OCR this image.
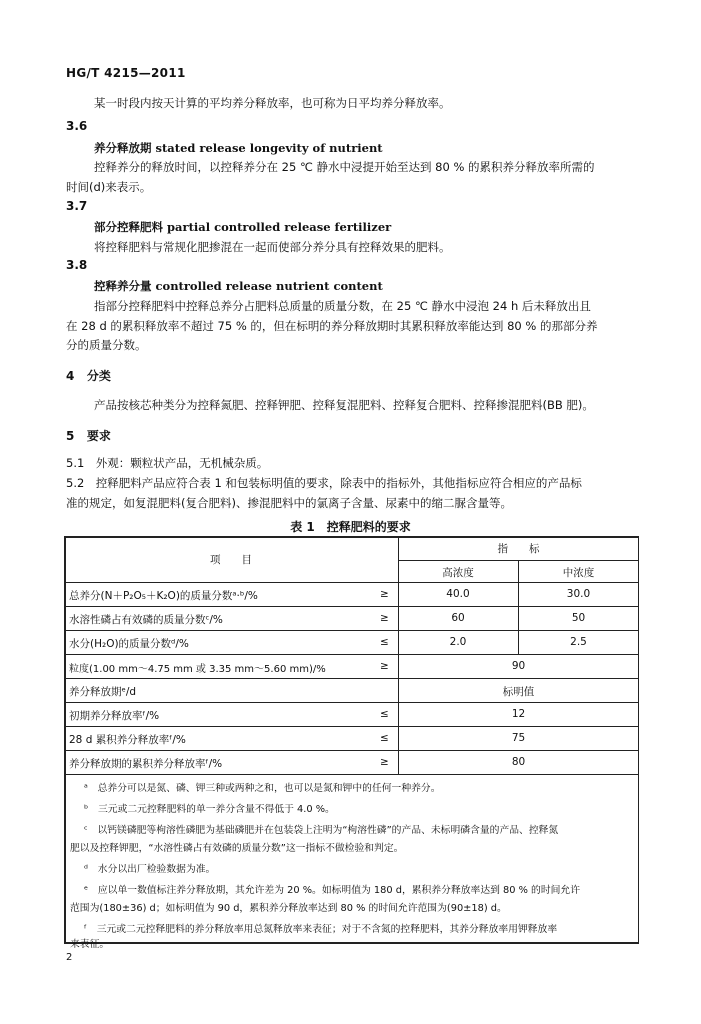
HG/T 4215—2011
某一时段内按天计算的平均养分释放率，也可称为日平均养分释放率。
3.6
养分释放期 stated release longevity of nutrient
控释养分的释放时间，以控释养分在 25 ℃ 静水中浸提开始至达到 80 % 的累积养分释放率所需的
时间(d)来表示。
3.7
部分控释肥料 partial controlled release fertilizer
将控释肥料与常规化肥掺混在一起而使部分养分具有控释效果的肥料。
3.8
控释养分量 controlled release nutrient content
指部分控释肥料中控释总养分占肥料总质量的质量分数，在 25 ℃ 静水中浸泡 24 h 后未释放出且
在 28 d 的累积释放率不超过 75 % 的，但在标明的养分释放期时其累积释放率能达到 80 % 的那部分养
分的质量分数。
4 分类
产品按核芯种类分为控释氮肥、控释钾肥、控释复混肥料、控释复合肥料、控释掺混肥料(BB 肥)。
5 要求
5.1　外观：颗粒状产品，无机械杂质。
5.2　控释肥料产品应符合表 1 和包装标明值的要求，除表中的指标外，其他指标应符合相应的产品标
准的规定，如复混肥料(复合肥料)、掺混肥料中的氯离子含量、尿素中的缩二脲含量等。
表 1 控释肥料的要求
项　　目
指　　标
高浓度	中浓度
总养分(N＋P₂O₅＋K₂O)的质量分数ᵃ·ᵇ/%	≥	40.0	30.0
水溶性磷占有效磷的质量分数ᶜ/%	≥	60	50
水分(H₂O)的质量分数ᵈ/%	≤	2.0	2.5
粒度(1.00 mm～4.75 mm 或 3.35 mm～5.60 mm)/%	≥	90
养分释放期ᵉ/d	标明值
初期养分释放率ᶠ/%	≤	12
28 d 累积养分释放率ᶠ/%	≤	75
养分释放期的累积养分释放率ᶠ/%	≥	80
ᵃ　总养分可以是氮、磷、钾三种或两种之和，也可以是氮和钾中的任何一种养分。
ᵇ　三元或二元控释肥料的单一养分含量不得低于 4.0 %。
ᶜ　以钙镁磷肥等枸溶性磷肥为基础磷肥并在包装袋上注明为“枸溶性磷”的产品、未标明磷含量的产品、控释氮
肥以及控释钾肥，“水溶性磷占有效磷的质量分数”这一指标不做检验和判定。
ᵈ　水分以出厂检验数据为准。
ᵉ　应以单一数值标注养分释放期，其允许差为 20 %。如标明值为 180 d，累积养分释放率达到 80 % 的时间允许
范围为(180±36) d；如标明值为 90 d，累积养分释放率达到 80 % 的时间允许范围为(90±18) d。
ᶠ　三元或二元控释肥料的养分释放率用总氮释放率来表征；对于不含氮的控释肥料，其养分释放率用钾释放率
来表征。
2
